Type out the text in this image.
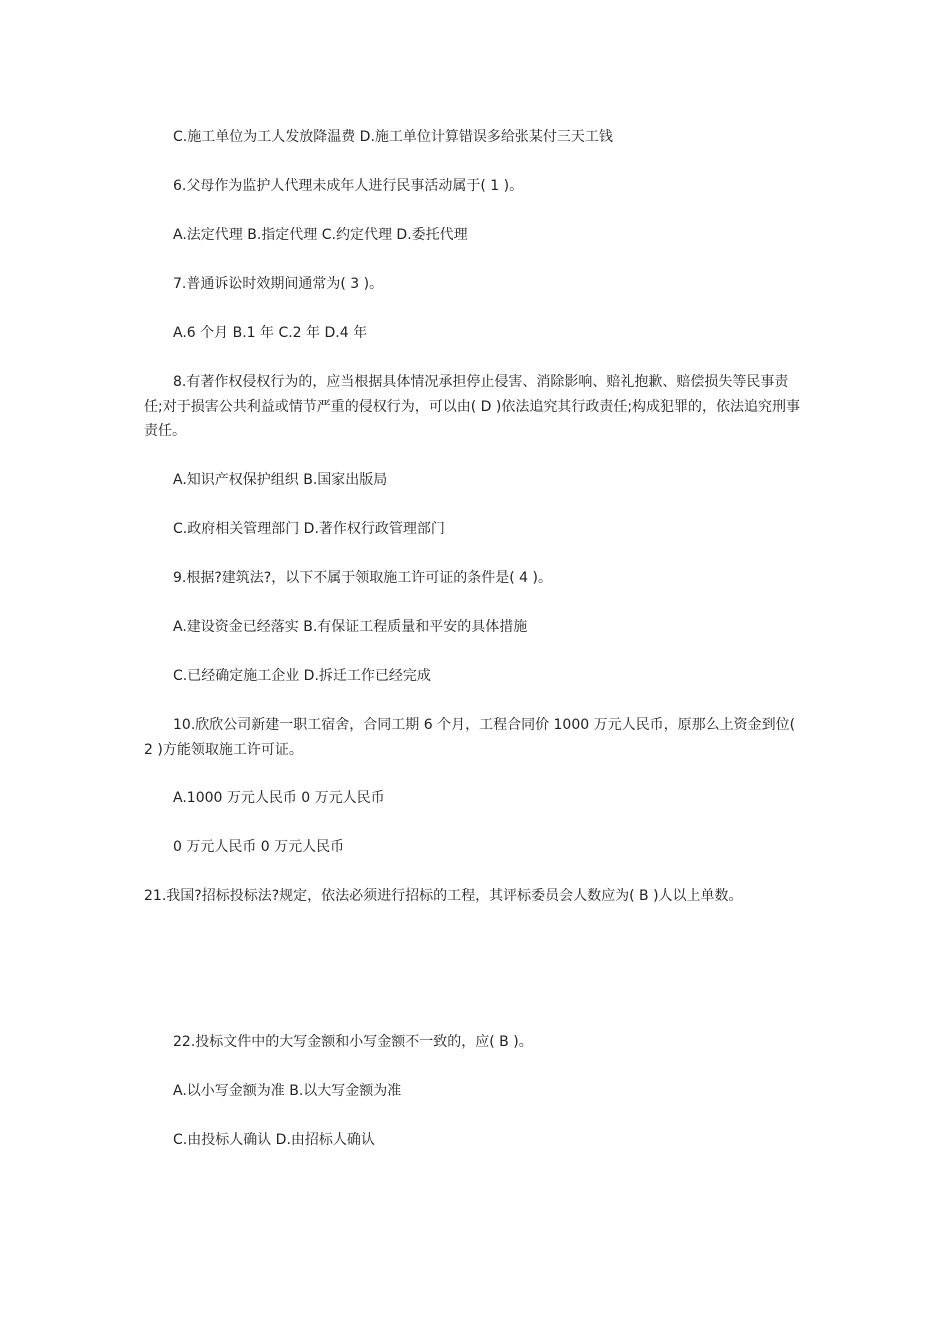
C.施工单位为工人发放降温费 D.施工单位计算错误多给张某付三天工钱

6.父母作为监护人代理未成年人进行民事活动属于( 1 )。

A.法定代理 B.指定代理 C.约定代理 D.委托代理

7.普通诉讼时效期间通常为( 3 )。

A.6 个月 B.1 年 C.2 年 D.4 年

8.有著作权侵权行为的，应当根据具体情况承担停止侵害、消除影响、赔礼抱歉、赔偿损失等民事责任;对于损害公共利益或情节严重的侵权行为，可以由( D )依法追究其行政责任;构成犯罪的，依法追究刑事责任。

A.知识产权保护组织 B.国家出版局

C.政府相关管理部门 D.著作权行政管理部门

9.根据?建筑法?，以下不属于领取施工许可证的条件是( 4 )。

A.建设资金已经落实 B.有保证工程质量和平安的具体措施

C.已经确定施工企业 D.拆迁工作已经完成

10.欣欣公司新建一职工宿舍，合同工期 6 个月，工程合同价 1000 万元人民币，原那么上资金到位( 2 )方能领取施工许可证。

A.1000 万元人民币 0 万元人民币

0 万元人民币 0 万元人民币

21.我国?招标投标法?规定，依法必须进行招标的工程，其评标委员会人数应为( B )人以上单数。

22.投标文件中的大写金额和小写金额不一致的，应( B )。

A.以小写金额为准 B.以大写金额为准

C.由投标人确认 D.由招标人确认
